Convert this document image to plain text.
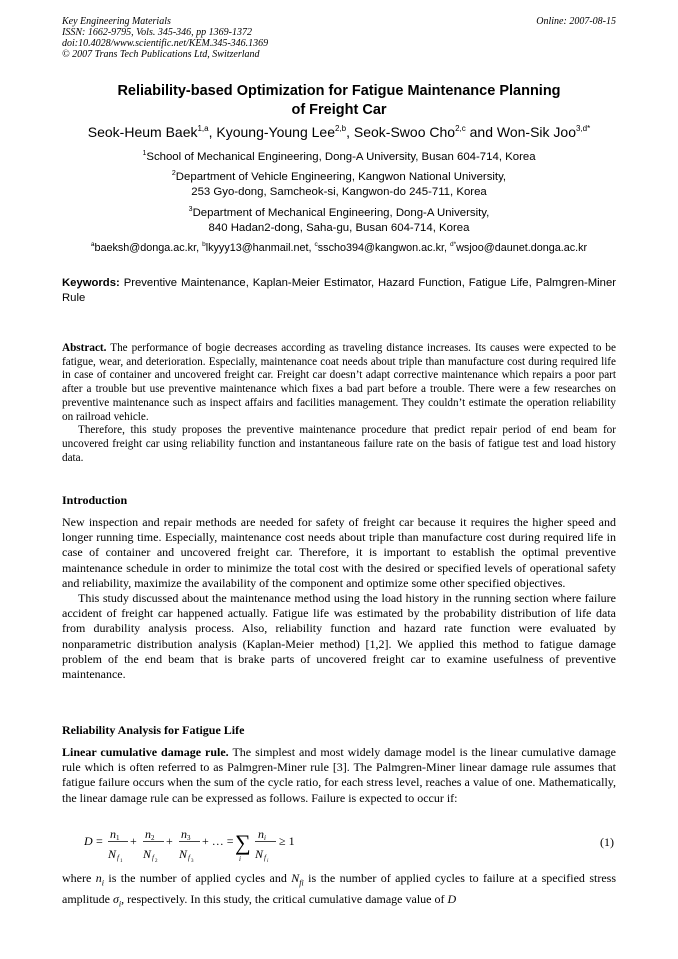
Key Engineering Materials
ISSN: 1662-9795, Vols. 345-346, pp 1369-1372
doi:10.4028/www.scientific.net/KEM.345-346.1369
© 2007 Trans Tech Publications Ltd, Switzerland
Online: 2007-08-15
Reliability-based Optimization for Fatigue Maintenance Planning
of Freight Car
Seok-Heum Baek$^{1,a}$, Kyoung-Young Lee$^{2,b}$, Seok-Swoo Cho$^{2,c}$ and Won-Sik Joo$^{3,d*}$
$^1$School of Mechanical Engineering, Dong-A University, Busan 604-714, Korea
$^2$Department of Vehicle Engineering, Kangwon National University,
253 Gyo-dong, Samcheok-si, Kangwon-do 245-711, Korea
$^3$Department of Mechanical Engineering, Dong-A University,
840 Hadan2-dong, Saha-gu, Busan 604-714, Korea
$^a$baeksh@donga.ac.kr, $^b$lkyyy13@hanmail.net, $^c$sscho394@kangwon.ac.kr, $^{d*}$wsjoo@daunet.donga.ac.kr
Keywords: Preventive Maintenance, Kaplan-Meier Estimator, Hazard Function, Fatigue Life, Palmgren-Miner Rule

Abstract. The performance of bogie decreases according as traveling distance increases. Its causes were expected to be fatigue, wear, and deterioration. Especially, maintenance coat needs about triple than manufacture cost during required life in case of container and uncovered freight car. Freight car doesn’t adapt corrective maintenance which repairs a poor part after a trouble but use preventive maintenance which fixes a bad part before a trouble. There were a few researches on preventive maintenance such as inspect affairs and facilities management. They couldn’t estimate the operation reliability on railroad vehicle.

Therefore, this study proposes the preventive maintenance procedure that predict repair period of end beam for uncovered freight car using reliability function and instantaneous failure rate on the basis of fatigue test and load history data.

Introduction

New inspection and repair methods are needed for safety of freight car because it requires the higher speed and longer running time. Especially, maintenance cost needs about triple than manufacture cost during required life in case of container and uncovered freight car. Therefore, it is important to establish the optimal preventive maintenance schedule in order to minimize the total cost with the desired or specified levels of operational safety and reliability, maximize the availability of the component and optimize some other specified objectives.

This study discussed about the maintenance method using the load history in the running section where failure accident of freight car happened actually. Fatigue life was estimated by the probability distribution of life data from durability analysis process. Also, reliability function and hazard rate function were evaluated by nonparametric distribution analysis (Kaplan-Meier method) [1,2]. We applied this method to fatigue damage problem of the end beam that is brake parts of uncovered freight car to examine usefulness of preventive maintenance.

Reliability Analysis for Fatigue Life

Linear cumulative damage rule. The simplest and most widely damage model is the linear cumulative damage rule which is often referred to as Palmgren-Miner rule [3]. The Palmgren-Miner linear damage rule assumes that fatigue failure occurs when the sum of the cycle ratio, for each stress level, reaches a value of one. Mathematically, the linear damage rule can be expressed as follows. Failure is expected to occur if:

D = n 1
N f 1
+ n 2
N f 2
+ n 3
N f 3
+ … = ∑
i
n i
N f i
≥ 1	(1)
where $n_i$ is the number of applied cycles and $N_{fi}$ is the number of applied cycles to failure at a specified stress amplitude $\sigma_i$, respectively. In this study, the critical cumulative damage value of D
